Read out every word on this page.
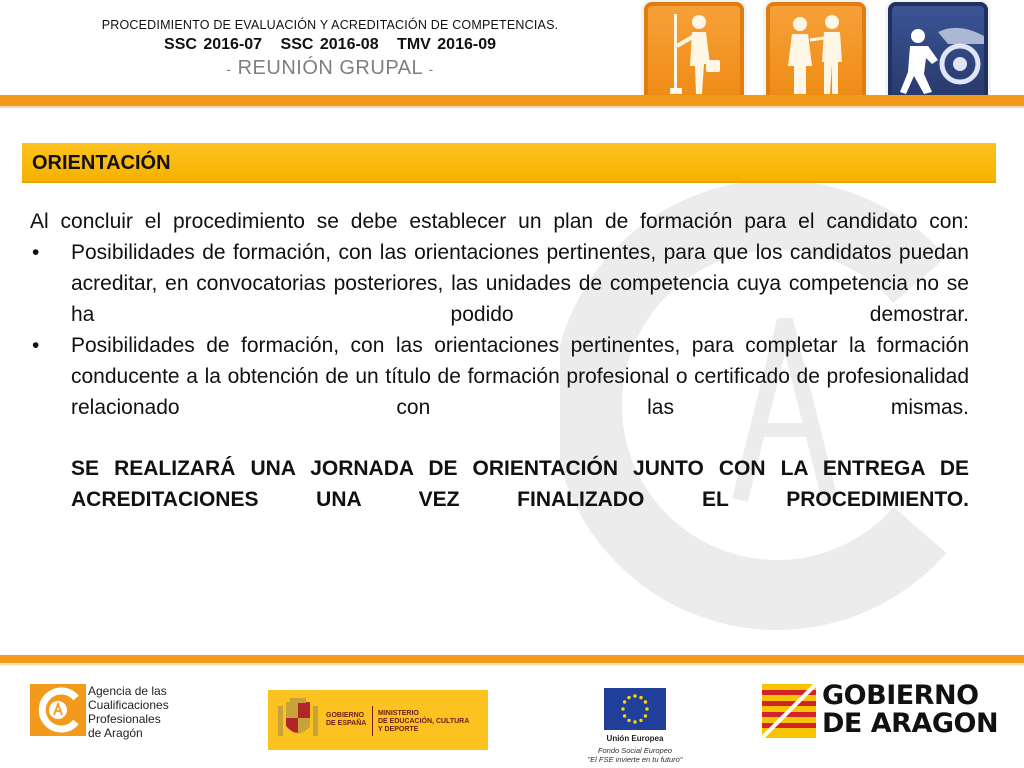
PROCEDIMIENTO DE EVALUACIÓN Y ACREDITACIÓN DE COMPETENCIAS.
SSC 2016-07 SSC 2016-08 TMV 2016-09
- REUNIÓN GRUPAL -
ORIENTACIÓN

Al concluir el procedimiento se debe establecer un plan de formación para el candidato con:

• Posibilidades de formación, con las orientaciones pertinentes, para que los candidatos puedan acreditar, en convocatorias posteriores, las unidades de competencia cuya competencia no se ha podido demostrar.

• Posibilidades de formación, con las orientaciones pertinentes, para completar la formación conducente a la obtención de un título de formación profesional o certificado de profesionalidad relacionado con las mismas.

SE REALIZARÁ UNA JORNADA DE ORIENTACIÓN JUNTO CON LA ENTREGA DE ACREDITACIONES UNA VEZ FINALIZADO EL PROCEDIMIENTO.

Agencia de las
Cualificaciones
Profesionales
de Aragón
GOBIERNO
DE ESPAÑA
MINISTERIO
DE EDUCACIÓN, CULTURA
Y DEPORTE
Unión Europea
Fondo Social Europeo
"El FSE invierte en tu futuro"
GOBIERNO
DE ARAGON
